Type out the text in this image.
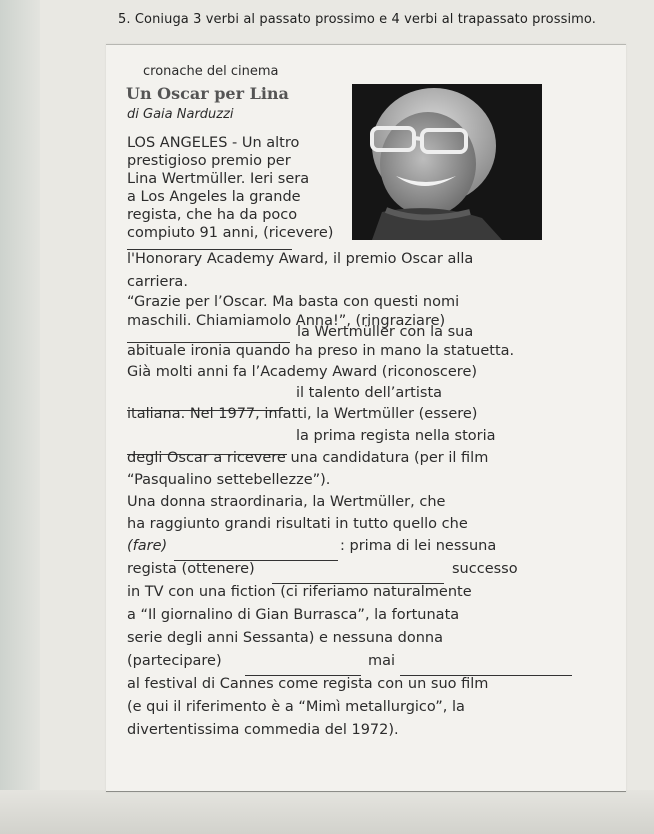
5. Coniuga 3 verbi al passato prossimo e 4 verbi al trapassato prossimo.
cronache del cinema
Un Oscar per Lina
di Gaia Narduzzi
LOS ANGELES - Un altro
prestigioso premio per
Lina Wertmüller. Ieri sera
a Los Angeles la grande
regista, che ha da poco
compiuto 91 anni, (ricevere)
l'Honorary Academy Award, il premio Oscar alla
carriera.
“Grazie per l’Oscar. Ma basta con questi nomi
maschili. Chiamiamolo Anna!”, (ringraziare)
la Wertmüller con la sua
abituale ironia quando ha preso in mano la statuetta.
Già molti anni fa l’Academy Award (riconoscere)
il talento dell’artista
italiana. Nel 1977, infatti, la Wertmüller (essere)
la prima regista nella storia
degli Oscar a ricevere una candidatura (per il film
“Pasqualino settebellezze”).
Una donna straordinaria, la Wertmüller, che
ha raggiunto grandi risultati in tutto quello che
(fare)	: prima di lei nessuna
regista (ottenere)	successo
in TV con una fiction (ci riferiamo naturalmente
a “Il giornalino di Gian Burrasca”, la fortunata
serie degli anni Sessanta) e nessuna donna
(partecipare)	mai
al festival di Cannes come regista con un suo film
(e qui il riferimento è a “Mimì metallurgico”, la
divertentissima commedia del 1972).
